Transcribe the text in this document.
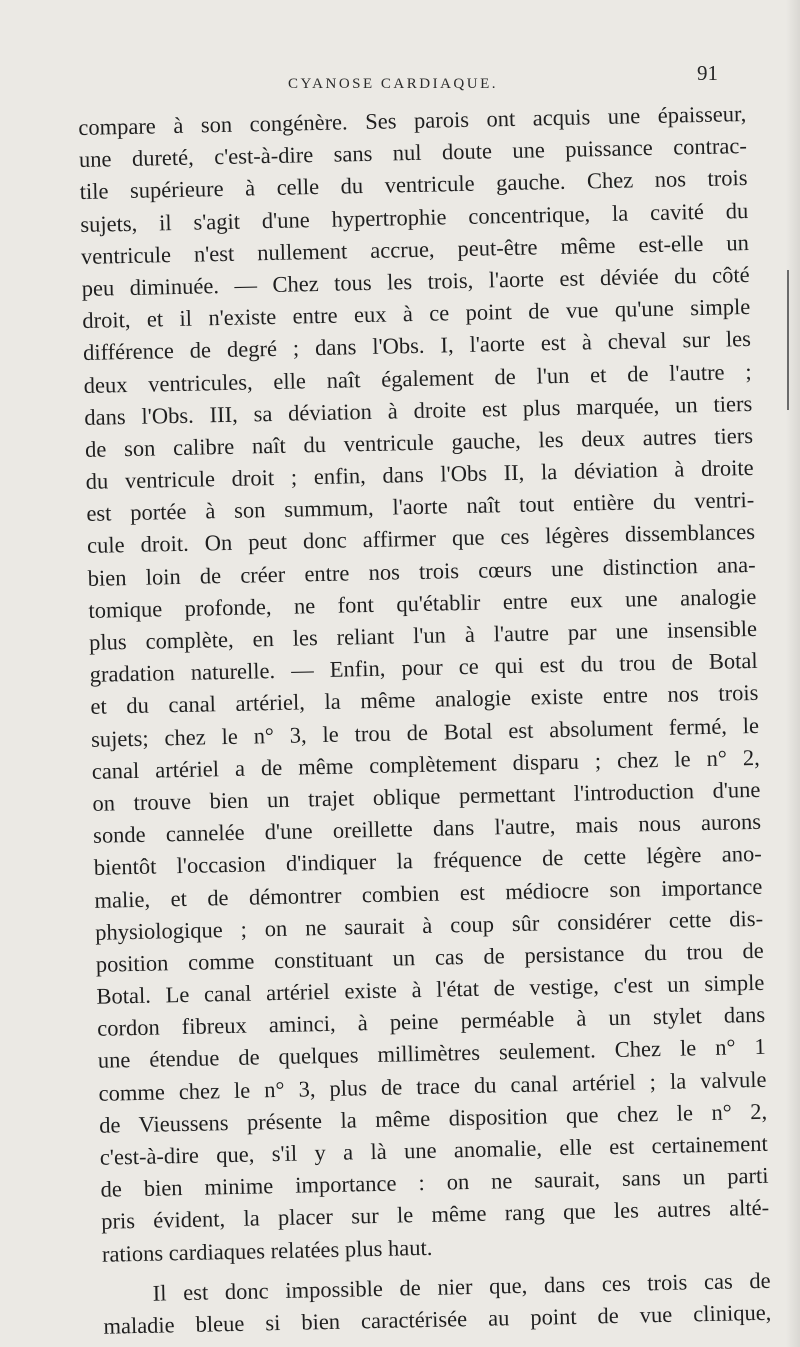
CYANOSE CARDIAQUE.	91
compare à son congénère. Ses parois ont acquis une épaisseur,
une dureté, c'est-à-dire sans nul doute une puissance contrac-
tile supérieure à celle du ventricule gauche. Chez nos trois
sujets, il s'agit d'une hypertrophie concentrique, la cavité du
ventricule n'est nullement accrue, peut-être même est-elle un
peu diminuée. — Chez tous les trois, l'aorte est déviée du côté
droit, et il n'existe entre eux à ce point de vue qu'une simple
différence de degré ; dans l'Obs. I, l'aorte est à cheval sur les
deux ventricules, elle naît également de l'un et de l'autre ;
dans l'Obs. III, sa déviation à droite est plus marquée, un tiers
de son calibre naît du ventricule gauche, les deux autres tiers
du ventricule droit ; enfin, dans l'Obs II, la déviation à droite
est portée à son summum, l'aorte naît tout entière du ventri-
cule droit. On peut donc affirmer que ces légères dissemblances
bien loin de créer entre nos trois cœurs une distinction ana-
tomique profonde, ne font qu'établir entre eux une analogie
plus complète, en les reliant l'un à l'autre par une insensible
gradation naturelle. — Enfin, pour ce qui est du trou de Botal
et du canal artériel, la même analogie existe entre nos trois
sujets; chez le n° 3, le trou de Botal est absolument fermé, le
canal artériel a de même complètement disparu ; chez le n° 2,
on trouve bien un trajet oblique permettant l'introduction d'une
sonde cannelée d'une oreillette dans l'autre, mais nous aurons
bientôt l'occasion d'indiquer la fréquence de cette légère ano-
malie, et de démontrer combien est médiocre son importance
physiologique ; on ne saurait à coup sûr considérer cette dis-
position comme constituant un cas de persistance du trou de
Botal. Le canal artériel existe à l'état de vestige, c'est un simple
cordon fibreux aminci, à peine perméable à un stylet dans
une étendue de quelques millimètres seulement. Chez le n° 1
comme chez le n° 3, plus de trace du canal artériel ; la valvule
de Vieussens présente la même disposition que chez le n° 2,
c'est-à-dire que, s'il y a là une anomalie, elle est certainement
de bien minime importance : on ne saurait, sans un parti
pris évident, la placer sur le même rang que les autres alté-
rations cardiaques relatées plus haut.
Il est donc impossible de nier que, dans ces trois cas de
maladie bleue si bien caractérisée au point de vue clinique,
